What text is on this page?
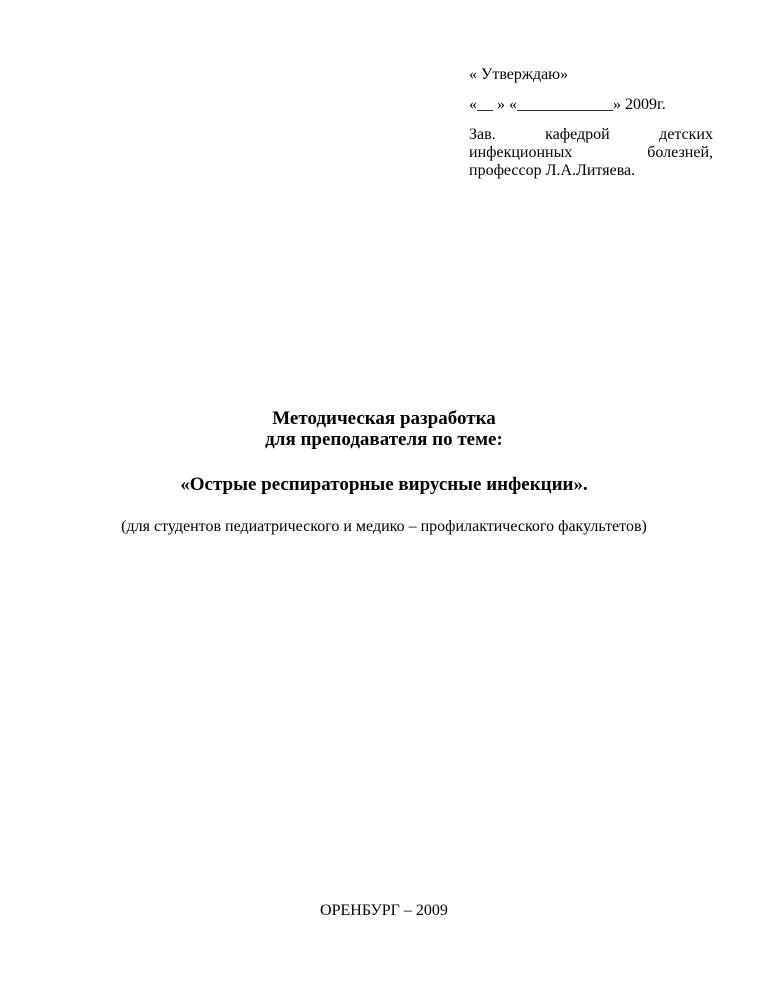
« Утверждаю»
«__ » «____________» 2009г.
Зав. кафедрой детских инфекционных болезней, профессор Л.А.Литяева.
Методическая разработка
для преподавателя по теме:
«Острые респираторные вирусные инфекции».
(для студентов педиатрического и медико – профилактического факультетов)
ОРЕНБУРГ – 2009
